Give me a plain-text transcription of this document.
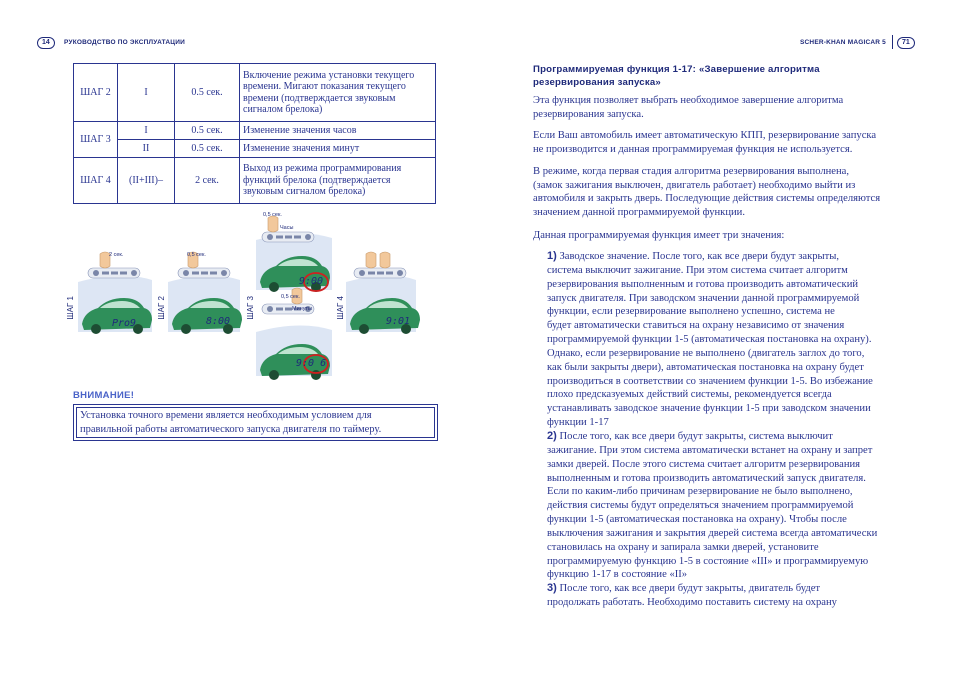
14	РУКОВОДСТВО ПО ЭКСПЛУАТАЦИИ	SCHER-KHAN MAGICAR 5	71
ШАГ 2	I	0.5 сек.	Включение режима установки текущего времени. Мигают показания текущего времени (подтверждается звуковым сигналом брелока)
ШАГ 3	I	0.5 сек.	Изменение значения часов
	II	0.5 сек.	Изменение значения минут
ШАГ 4	(II+III)–	2 сек.	Выход из режима программирования функций брелока (подтверждается звуковым сигналом брелока)
ШАГ 1	ШАГ 2	ШАГ 3	ШАГ 4
2 сек.	0,5 сек.
0,5 сек.
0,5 сек.
Часы
Минуты
Pro9	8:00
9:00
9:0 6
9:01
ВНИМАНИЕ!
Установка точного времени является необходимым условием для
правильной работы автоматического запуска двигателя по таймеру.
Программируемая функция 1-17: «Завершение алгоритма
резервирования запуска»
Эта функция позволяет выбрать необходимое завершение алгоритма
резервирования запуска.
Если Ваш автомобиль имеет автоматическую КПП, резервирование запуска
не производится и данная программируемая функция не используется.
В режиме, когда первая стадия алгоритма резервирования выполнена,
(замок зажигания выключен, двигатель работает) необходимо выйти из
автомобиля и закрыть дверь. Последующие действия системы определяются
значением данной программируемой функции.
Данная программируемая функция имеет три значения:
1) Заводское значение. После того, как все двери будут закрыты,
система выключит зажигание. При этом система считает алгоритм
резервирования выполненным и готова производить автоматический
запуск двигателя. При заводском значении данной программируемой
функции, если резервирование выполнено успешно, система не
будет автоматически ставиться на охрану независимо от значения
программируемой функции 1-5 (автоматическая постановка на охрану).
Однако, если резервирование не выполнено (двигатель заглох до того,
как были закрыты двери), автоматическая постановка на охрану будет
производиться в соответствии со значением функции 1-5. Во избежание
плохо предсказуемых действий системы, рекомендуется всегда
устанавливать заводское значение функции 1-5 при заводском значении
функции 1-17
2) После того, как все двери будут закрыты, система выключит
зажигание. При этом система автоматически встанет на охрану и запрет
замки дверей. После этого система считает алгоритм резервирования
выполненным и готова производить автоматический запуск двигателя.
Если по каким-либо причинам резервирование не было выполнено,
действия системы будут определяться значением программируемой
функции 1-5 (автоматическая постановка на охрану). Чтобы после
выключения зажигания и закрытия дверей система всегда автоматически
становилась на охрану и запирала замки дверей, установите
программируемую функцию 1-5 в состояние «III» и программируемую
функцию 1-17 в состояние «II»
3) После того, как все двери будут закрыты, двигатель будет
продолжать работать. Необходимо поставить систему на охрану
